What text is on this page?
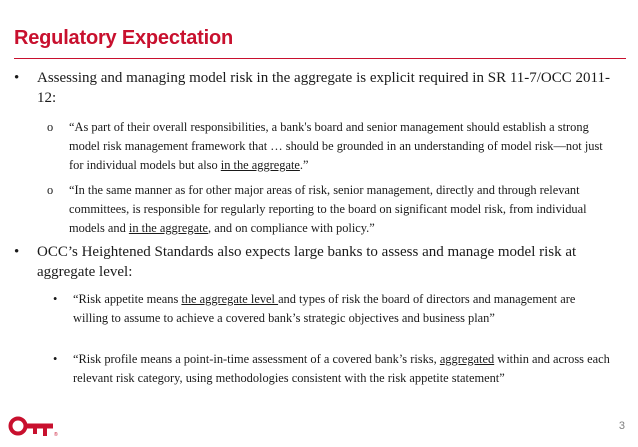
Regulatory Expectation
• Assessing and managing model risk in the aggregate is explicit required in SR 11-7/OCC 2011-12:

o “As part of their overall responsibilities, a bank's board and senior management should establish a strong model risk management framework that … should be grounded in an understanding of model risk—not just for individual models but also in the aggregate.”

o “In the same manner as for other major areas of risk, senior management, directly and through relevant committees, is responsible for regularly reporting to the board on significant model risk, from individual models and in the aggregate, and on compliance with policy.”

• OCC’s Heightened Standards also expects large banks to assess and manage model risk at aggregate level:

• “Risk appetite means the aggregate level and types of risk the board of directors and management are willing to assume to achieve a covered bank’s strategic objectives and business plan”

• “Risk profile means a point-in-time assessment of a covered bank’s risks, aggregated within and across each relevant risk category, using methodologies consistent with the risk appetite statement”

®
3
